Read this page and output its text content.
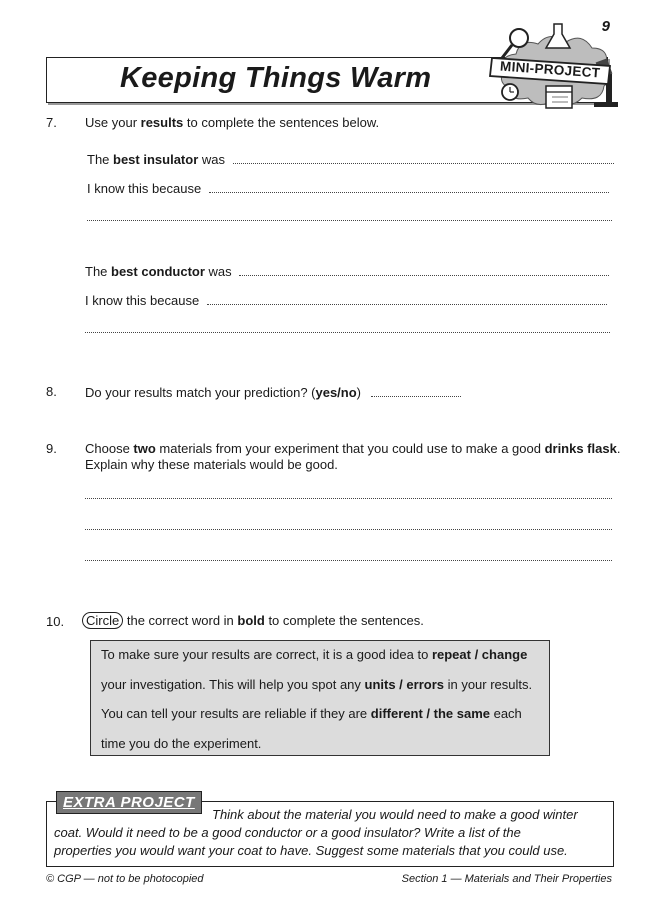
9
Keeping Things Warm	MINI-PROJECT
7. Use your results to complete the sentences below.
The best insulator was
I know this because
The best conductor was
I know this because
8. Do your results match your prediction? (yes/no)
9. Choose two materials from your experiment that you could use to make a good drinks flask.
Explain why these materials would be good.
10.	Circle the correct word in bold to complete the sentences.
To make sure your results are correct, it is a good idea to repeat / change
your investigation. This will help you spot any units / errors in your results.
You can tell your results are reliable if they are different / the same each
time you do the experiment.
EXTRA PROJECT
Think about the material you would need to make a good winter
coat. Would it need to be a good conductor or a good insulator? Write a list of the
properties you would want your coat to have. Suggest some materials that you could use.
© CGP — not to be photocopied	Section 1 — Materials and Their Properties
